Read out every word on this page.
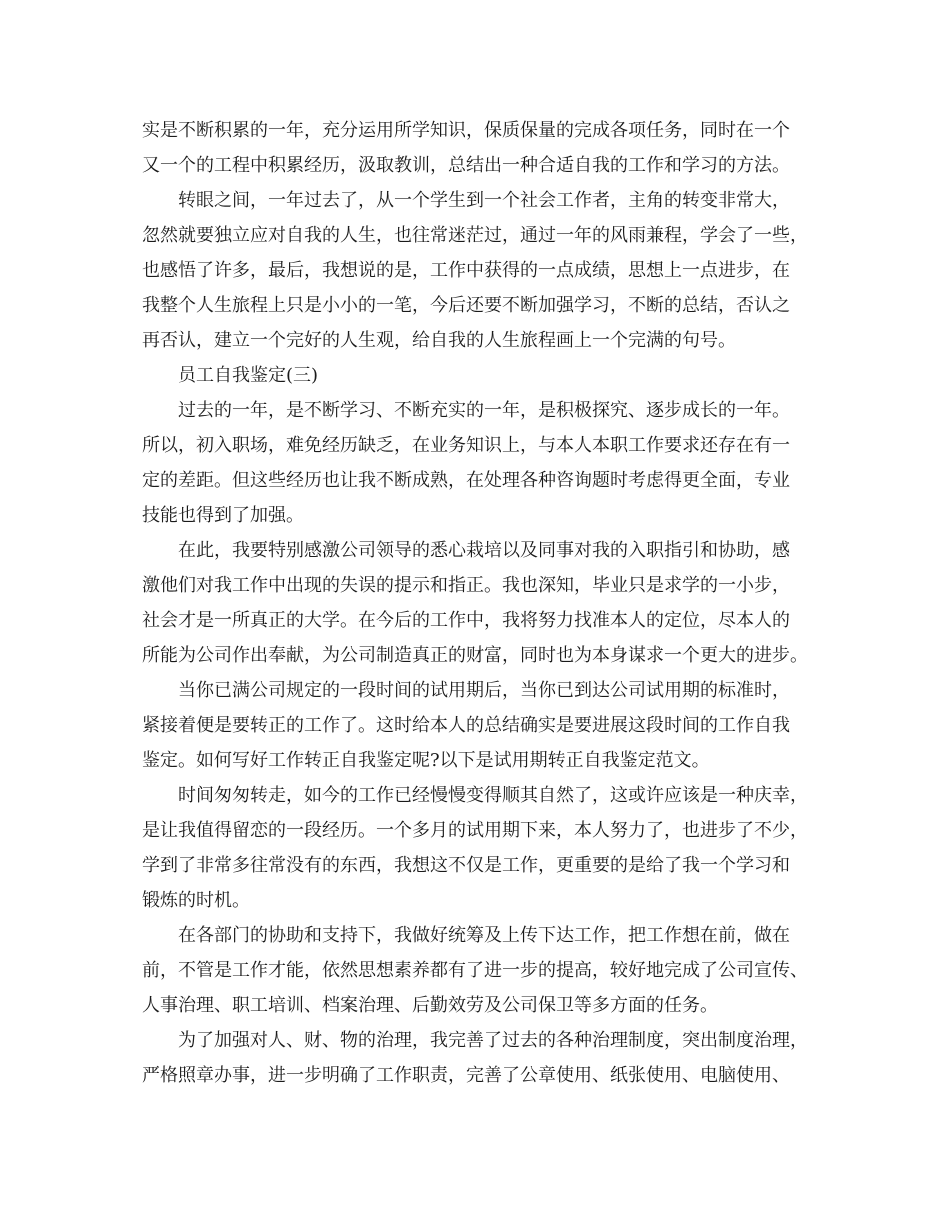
实是不断积累的一年，充分运用所学知识，保质保量的完成各项任务，同时在一个
又一个的工程中积累经历，汲取教训，总结出一种合适自我的工作和学习的方法。
转眼之间，一年过去了，从一个学生到一个社会工作者，主角的转变非常大，
忽然就要独立应对自我的人生，也往常迷茫过，通过一年的风雨兼程，学会了一些，
也感悟了许多，最后，我想说的是，工作中获得的一点成绩，思想上一点进步，在
我整个人生旅程上只是小小的一笔，今后还要不断加强学习，不断的总结，否认之
再否认，建立一个完好的人生观，给自我的人生旅程画上一个完满的句号。
员工自我鉴定(三)
过去的一年，是不断学习、不断充实的一年，是积极探究、逐步成长的一年。
所以，初入职场，难免经历缺乏，在业务知识上，与本人本职工作要求还存在有一
定的差距。但这些经历也让我不断成熟，在处理各种咨询题时考虑得更全面，专业
技能也得到了加强。
在此，我要特别感激公司领导的悉心栽培以及同事对我的入职指引和协助，感
激他们对我工作中出现的失误的提示和指正。我也深知，毕业只是求学的一小步，
社会才是一所真正的大学。在今后的工作中，我将努力找准本人的定位，尽本人的
所能为公司作出奉献，为公司制造真正的财富，同时也为本身谋求一个更大的进步。
当你已满公司规定的一段时间的试用期后，当你已到达公司试用期的标准时，
紧接着便是要转正的工作了。这时给本人的总结确实是要进展这段时间的工作自我
鉴定。如何写好工作转正自我鉴定呢?以下是试用期转正自我鉴定范文。
时间匆匆转走，如今的工作已经慢慢变得顺其自然了，这或许应该是一种庆幸，
是让我值得留恋的一段经历。一个多月的试用期下来，本人努力了，也进步了不少，
学到了非常多往常没有的东西，我想这不仅是工作，更重要的是给了我一个学习和
锻炼的时机。
在各部门的协助和支持下，我做好统筹及上传下达工作，把工作想在前，做在
前，不管是工作才能，依然思想素养都有了进一步的提高，较好地完成了公司宣传、
人事治理、职工培训、档案治理、后勤效劳及公司保卫等多方面的任务。
为了加强对人、财、物的治理，我完善了过去的各种治理制度，突出制度治理，
严格照章办事，进一步明确了工作职责，完善了公章使用、纸张使用、电脑使用、
